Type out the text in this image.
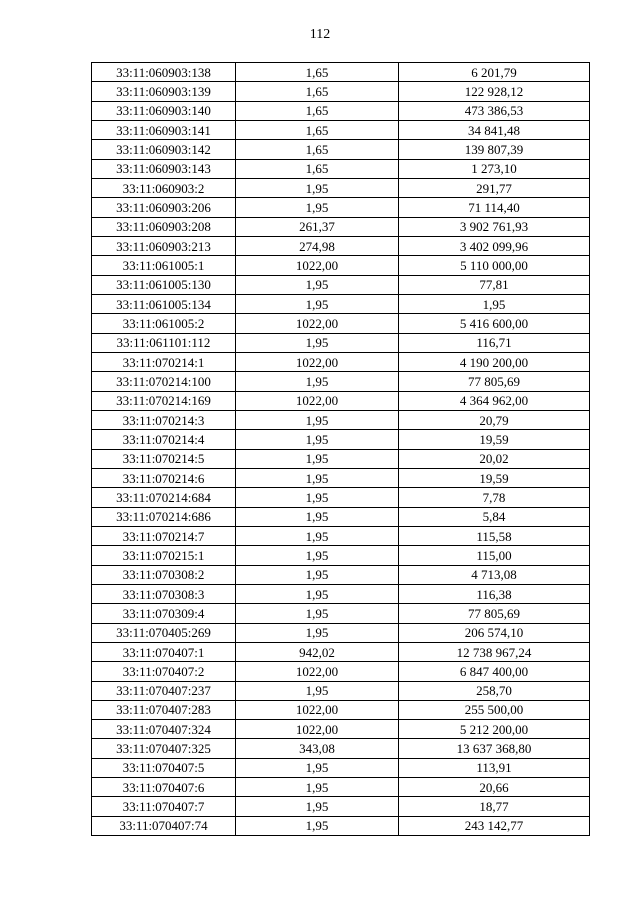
112
33:11:060903:138	1,65	6 201,79
33:11:060903:139	1,65	122 928,12
33:11:060903:140	1,65	473 386,53
33:11:060903:141	1,65	34 841,48
33:11:060903:142	1,65	139 807,39
33:11:060903:143	1,65	1 273,10
33:11:060903:2	1,95	291,77
33:11:060903:206	1,95	71 114,40
33:11:060903:208	261,37	3 902 761,93
33:11:060903:213	274,98	3 402 099,96
33:11:061005:1	1022,00	5 110 000,00
33:11:061005:130	1,95	77,81
33:11:061005:134	1,95	1,95
33:11:061005:2	1022,00	5 416 600,00
33:11:061101:112	1,95	116,71
33:11:070214:1	1022,00	4 190 200,00
33:11:070214:100	1,95	77 805,69
33:11:070214:169	1022,00	4 364 962,00
33:11:070214:3	1,95	20,79
33:11:070214:4	1,95	19,59
33:11:070214:5	1,95	20,02
33:11:070214:6	1,95	19,59
33:11:070214:684	1,95	7,78
33:11:070214:686	1,95	5,84
33:11:070214:7	1,95	115,58
33:11:070215:1	1,95	115,00
33:11:070308:2	1,95	4 713,08
33:11:070308:3	1,95	116,38
33:11:070309:4	1,95	77 805,69
33:11:070405:269	1,95	206 574,10
33:11:070407:1	942,02	12 738 967,24
33:11:070407:2	1022,00	6 847 400,00
33:11:070407:237	1,95	258,70
33:11:070407:283	1022,00	255 500,00
33:11:070407:324	1022,00	5 212 200,00
33:11:070407:325	343,08	13 637 368,80
33:11:070407:5	1,95	113,91
33:11:070407:6	1,95	20,66
33:11:070407:7	1,95	18,77
33:11:070407:74	1,95	243 142,77
